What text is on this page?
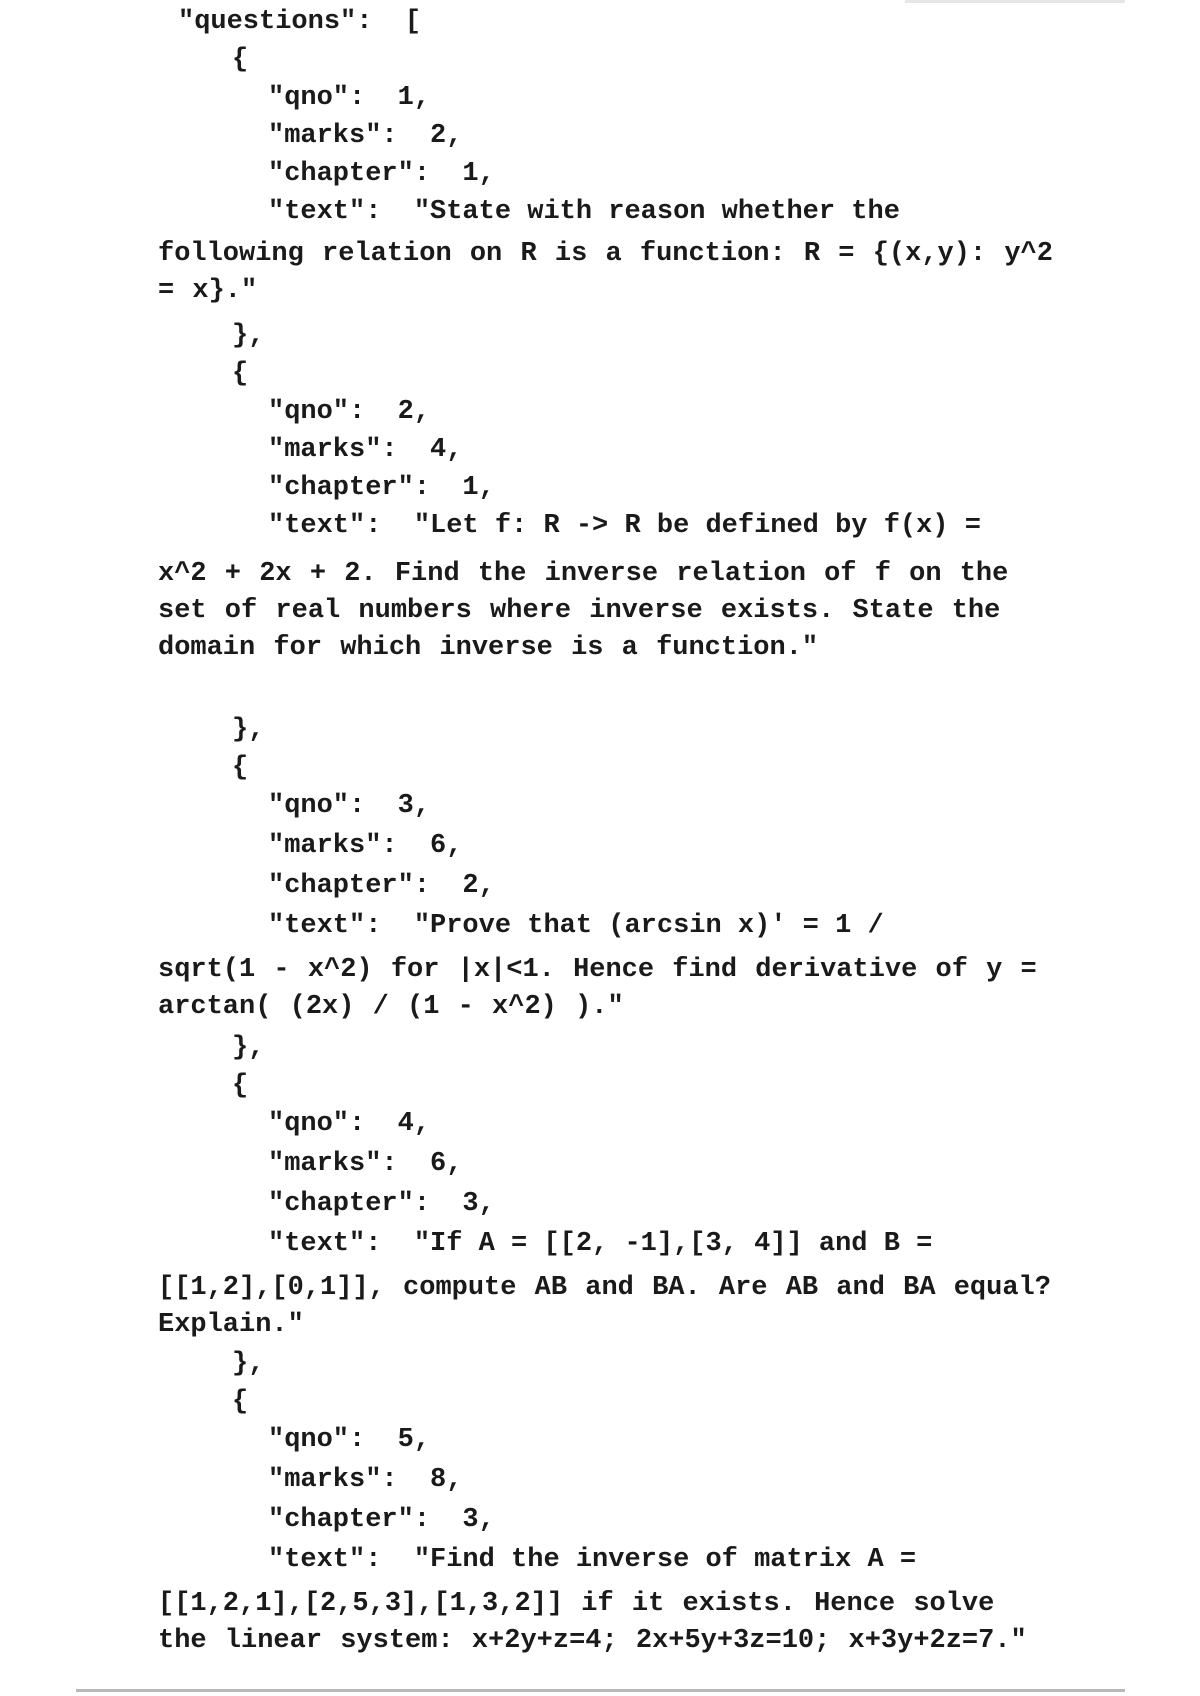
"questions":  [
{
"qno":  1,
"marks":  2,
"chapter":  1,
"text":  "State with reason whether the
following relation on R is a function: R = {(x,y): y^2 = x}."
},
{
"qno":  2,
"marks":  4,
"chapter":  1,
"text":  "Let f: R -> R be defined by f(x) =
x^2 + 2x + 2. Find the inverse relation of f on the set of real numbers where inverse exists. State the domain for which inverse is a function."
},
{
"qno":  3,
"marks":  6,
"chapter":  2,
"text":  "Prove that (arcsin x)' = 1 /
sqrt(1 - x^2) for |x|<1. Hence find derivative of y = arctan( (2x) / (1 - x^2) )."
},
{
"qno":  4,
"marks":  6,
"chapter":  3,
"text":  "If A = [[2, -1],[3, 4]] and B =
[[1,2],[0,1]], compute AB and BA. Are AB and BA equal? Explain."
},
{
"qno":  5,
"marks":  8,
"chapter":  3,
"text":  "Find the inverse of matrix A =
[[1,2,1],[2,5,3],[1,3,2]] if it exists. Hence solve the linear system: x+2y+z=4; 2x+5y+3z=10; x+3y+2z=7."
